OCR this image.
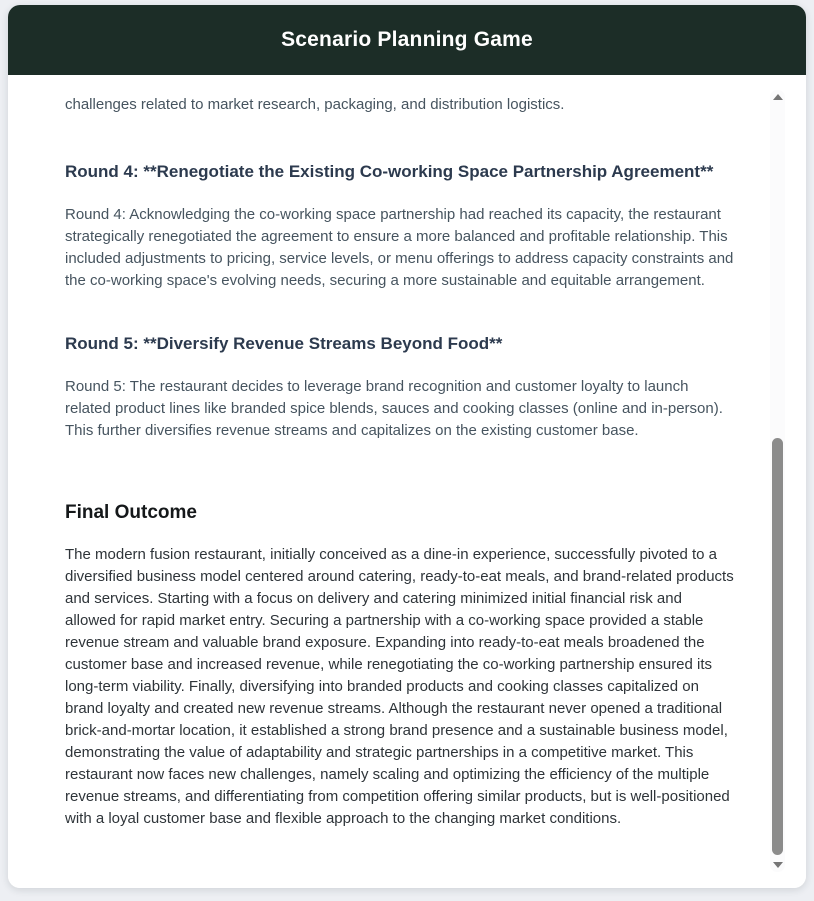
Scenario Planning Game

challenges related to market research, packaging, and distribution logistics.

Round 4: **Renegotiate the Existing Co-working Space Partnership Agreement**

Round 4: Acknowledging the co-working space partnership had reached its capacity, the restaurant strategically renegotiated the agreement to ensure a more balanced and profitable relationship. This included adjustments to pricing, service levels, or menu offerings to address capacity constraints and the co-working space's evolving needs, securing a more sustainable and equitable arrangement.

Round 5: **Diversify Revenue Streams Beyond Food**

Round 5: The restaurant decides to leverage brand recognition and customer loyalty to launch related product lines like branded spice blends, sauces and cooking classes (online and in-person). This further diversifies revenue streams and capitalizes on the existing customer base.

Final Outcome

The modern fusion restaurant, initially conceived as a dine-in experience, successfully pivoted to a diversified business model centered around catering, ready-to-eat meals, and brand-related products and services. Starting with a focus on delivery and catering minimized initial financial risk and allowed for rapid market entry. Securing a partnership with a co-working space provided a stable revenue stream and valuable brand exposure. Expanding into ready-to-eat meals broadened the customer base and increased revenue, while renegotiating the co-working partnership ensured its long-term viability. Finally, diversifying into branded products and cooking classes capitalized on brand loyalty and created new revenue streams. Although the restaurant never opened a traditional brick-and-mortar location, it established a strong brand presence and a sustainable business model, demonstrating the value of adaptability and strategic partnerships in a competitive market. This restaurant now faces new challenges, namely scaling and optimizing the efficiency of the multiple revenue streams, and differentiating from competition offering similar products, but is well-positioned with a loyal customer base and flexible approach to the changing market conditions.
